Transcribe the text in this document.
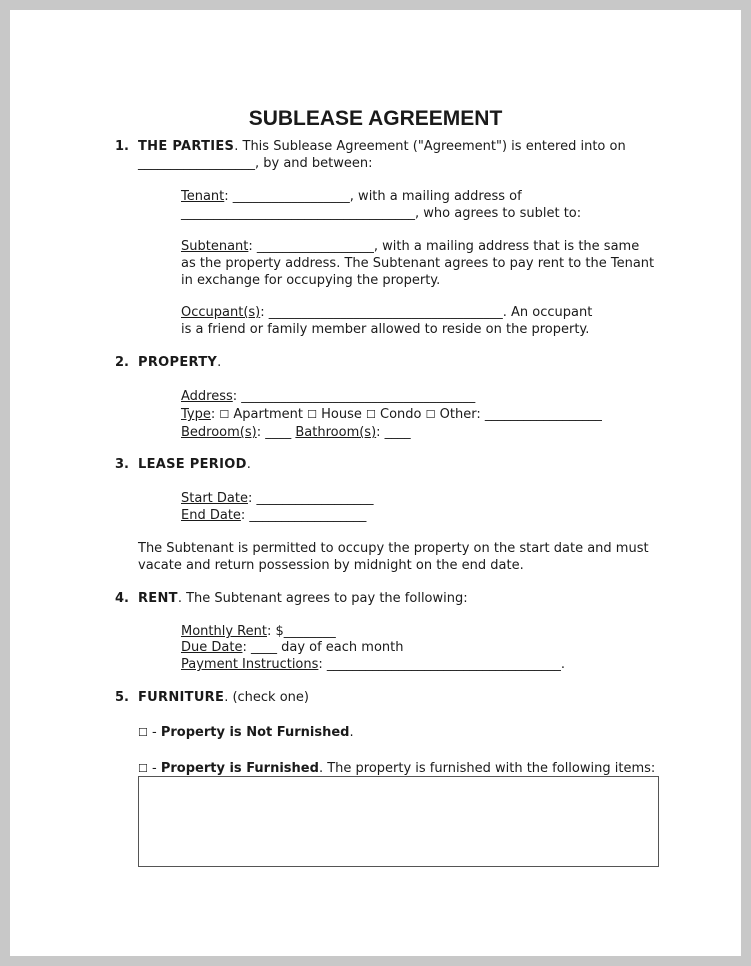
SUBLEASE AGREEMENT
1. THE PARTIES. This Sublease Agreement ("Agreement") is entered into on
__________________, by and between:
Tenant: __________________, with a mailing address of
____________________________________, who agrees to sublet to:
Subtenant: __________________, with a mailing address that is the same
as the property address. The Subtenant agrees to pay rent to the Tenant
in exchange for occupying the property.
Occupant(s): ____________________________________. An occupant
is a friend or family member allowed to reside on the property.
2. PROPERTY.
Address: ____________________________________
Type: ☐ Apartment ☐ House ☐ Condo ☐ Other: __________________
Bedroom(s): ____ Bathroom(s): ____
3. LEASE PERIOD.
Start Date: __________________
End Date: __________________
The Subtenant is permitted to occupy the property on the start date and must
vacate and return possession by midnight on the end date.
4. RENT. The Subtenant agrees to pay the following:
Monthly Rent: $________
Due Date: ____ day of each month
Payment Instructions: ____________________________________.
5. FURNITURE. (check one)
☐ - Property is Not Furnished.
☐ - Property is Furnished. The property is furnished with the following items:
